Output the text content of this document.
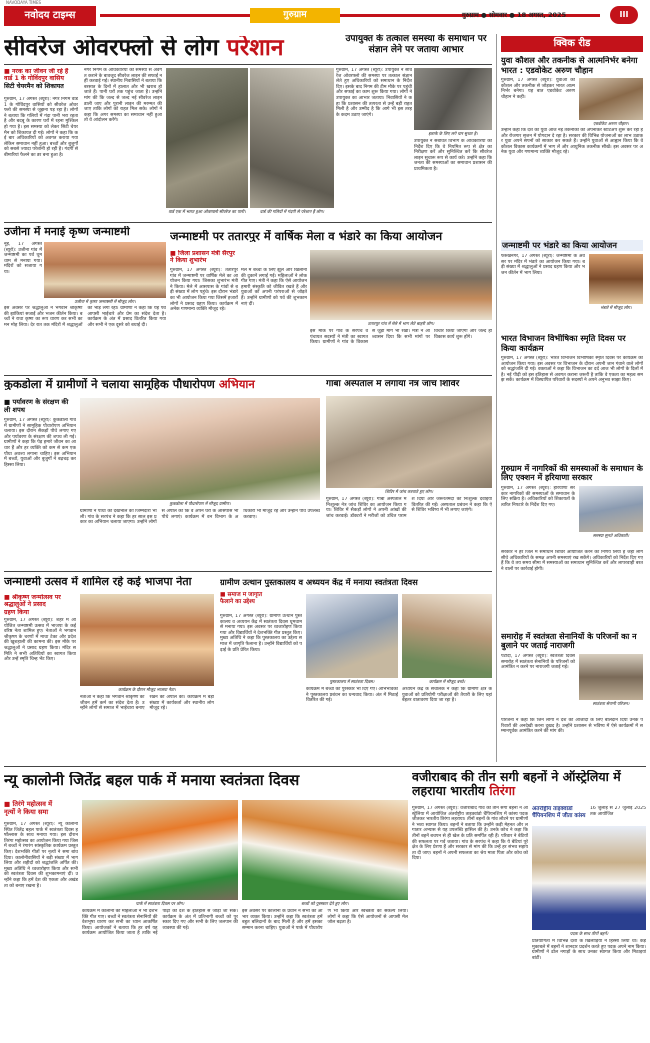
नवोदय टाइम्स
NAVODAYA TIMES
गुरुग्राम	गुरुग्राम ● सोमवार ● 18 अगस्त, 2025	III
सीवरेज ओवरफ्लो से लोग परेशान	उपायुक्त के तत्काल समस्या के समाधान पर संज्ञान लेने पर जताया आभार
■ नरक का जीवन जी रहे हैं वार्ड 1 के गोविंदपुर वासिय
सिटी चेयरमैन को शिकायत
गुरुग्राम, 17 अगस्त (ब्यूरो): नगर निगम वार्ड 1 के गोविंदपुर वासियों को सीवरेज ओवरफ्लो की समस्या से जूझना पड़ रहा है। लोगों ने बताया कि गलियों में गंदा पानी भरा रहता है और बदबू के कारण घरों में रहना मुश्किल हो गया है। इस समस्या को लेकर सिटी चेयरमैन को शिकायत दी गई। लोगों ने कहा कि कई बार अधिकारियों को अवगत कराया गया लेकिन समाधान नहीं हुआ। बच्चों और बुजुर्गों को सबसे ज्यादा परेशानी हो रही है। गंदगी से बीमारियां फैलने का डर बना हुआ है।
नगर निगम के अधिकारियों को समस्या से अवगत कराने के बावजूद सीवरेज लाइन की सफाई नहीं करवाई गई। स्थानीय निवासियों ने बताया कि बरसात के दिनों में हालात और भी खराब हो जाते हैं। पानी घरों तक पहुंच जाता है। उन्होंने मांग की कि जल्द से जल्द नई सीवरेज लाइन डाली जाए और पुरानी लाइन की मरम्मत की जाए ताकि लोगों को राहत मिल सके। लोगों ने कहा कि अगर समस्या का समाधान नहीं हुआ तो वे आंदोलन करेंगे।
वार्ड एक में भारत हुआ ओवरफ्लो सीवरेज का पानी।	वार्ड की गलियों में गंदगी से परेशान हैं लोग।
गुरुग्राम, 17 अगस्त (ब्यूरो): उपायुक्त ने सीवरेज ओवरफ्लो की समस्या पर तत्काल संज्ञान लेते हुए अधिकारियों को समाधान के निर्देश दिए। इसके बाद निगम की टीम मौके पर पहुंची और सफाई का काम शुरू किया गया। लोगों ने उपायुक्त का आभार जताया। निवासियों ने कहा कि प्रशासन की तत्परता से उन्हें बड़ी राहत मिली है और उम्मीद है कि आगे भी इस तरह के कदम उठाए जाएंगे।
इलाके के लिए लगे चार सुधार है।
उपायुक्त ने संबंधित विभाग के अधिकारियों को निर्देश दिए कि वे नियमित रूप से क्षेत्र का निरीक्षण करें और सुनिश्चित करें कि सीवरेज लाइन सुचारू रूप से कार्य करे। उन्होंने कहा कि जनता की समस्याओं का समाधान प्रशासन की प्राथमिकता है।
उजीना में मनाई कृष्ण जन्माष्टमी
नूंह, 17 अगस्त (ब्यूरो): उजीना गांव में जन्माष्टमी का पर्व धूमधाम से मनाया गया। मंदिरों को सजाया गया।
उजीना में कृष्ण जन्माष्टमी में मौजूद लोग।
इस अवसर पर श्रद्धालुओं ने भगवान श्रीकृष्ण की झांकियां सजाईं और भजन कीर्तन किया। बच्चों ने राधा कृष्ण का रूप धारण कर सभी का मन मोह लिया। देर रात तक मंदिरों में श्रद्धालुओं की भीड़ लगी रही। ग्रामीणों ने कहा कि यह पर्व आपसी भाईचारे और प्रेम का संदेश देता है। कार्यक्रम के अंत में प्रसाद वितरित किया गया और सभी ने एक दूसरे को बधाई दी।
जन्माष्टमी पर ततारपुर में वार्षिक मेला व भंडारे का किया आयोजन
■ जिला प्रशासन मंत्री सैरपुर ने किया शुभारंभ
गुरुग्राम, 17 अगस्त (ब्यूरो): ततारपुर गांव में जन्माष्टमी पर वार्षिक मेले का आयोजन किया गया। जिसका शुभारंभ मंत्री ने किया। मेले में आसपास के गांवों से बड़ी संख्या में लोग पहुंचे। इस दौरान भंडारे का भी आयोजन किया गया जिसमें हजारों लोगों ने प्रसाद ग्रहण किया। कार्यक्रम में अनेक गणमान्य व्यक्ति मौजूद रहे।
मेले में बच्चों के लिए झूले और खिलौनों की दुकानें लगाई गईं। महिलाओं ने लोकगीत गाए। मंत्री ने कहा कि ऐसे आयोजन हमारी संस्कृति को जीवित रखते हैं और युवाओं को अपनी परंपराओं से जोड़ते हैं। उन्होंने ग्रामीणों को पर्व की शुभकामनाएं दीं।
ततारपुर गांव में मेले में भाग लेते बाहरी लोग।
इस मौके पर गांव के सरपंच व पंचायत सदस्यों ने मंत्री का स्वागत किया। ग्रामीणों ने गांव के विकास से जुड़ी मांगें भी रखीं। मंत्री ने आश्वासन दिया कि सभी मांगों पर विचार किया जाएगा और जल्द ही विकास कार्य शुरू होंगे।
कुकडोला में ग्रामीणों ने चलाया सामूहिक पौधारोपण अभियान
■ पर्यावरण के संरक्षण की ली शपथ
गुरुग्राम, 17 अगस्त (ब्यूरो): कुकडोला गांव में ग्रामीणों ने सामूहिक पौधारोपण अभियान चलाया। इस दौरान सैकड़ों पौधे लगाए गए और पर्यावरण के संरक्षण की शपथ ली गई। ग्रामीणों ने कहा कि पेड़ हमारे जीवन का आधार हैं और हर व्यक्ति को कम से कम एक पौधा अवश्य लगाना चाहिए। इस अभियान में बच्चों, युवाओं और बुजुर्गों ने बढ़चढ़ कर हिस्सा लिया।
कुकडोला में पौधारोपण में मौजूद ग्रामीण।
ग्रामीणों ने पौधों की देखभाल की जिम्मेदारी भी ली। गांव के सरपंच ने कहा कि हर साल इस प्रकार का अभियान चलाया जाएगा। उन्होंने लोगों से अपील की कि वे अपने घरों के आसपास भी पौधे लगाएं। कार्यक्रम में वन विभाग के अधिकारी भी मौजूद रहे और उन्होंने पौधे उपलब्ध करवाए।
गाबा अस्पताल में लगाया नेत्र जांच शिविर
शिविर में जांच करवाते हुए लोग।
गुरुग्राम, 17 अगस्त (ब्यूरो): गाबा अस्पताल में निःशुल्क नेत्र जांच शिविर का आयोजन किया गया। शिविर में सैकड़ों लोगों ने अपनी आंखों की जांच करवाई। डॉक्टरों ने मरीजों को उचित परामर्श दिया और जरूरतमंदों को निःशुल्क दवाइयां वितरित की गईं। अस्पताल प्रबंधन ने कहा कि ऐसे शिविर भविष्य में भी लगाए जाएंगे।
जन्माष्टमी उत्सव में शामिल रहे कई भाजपा नेता
■ श्रीकृष्ण जन्मोत्सव पर श्रद्धालुओं ने प्रसाद
ग्रहण किया
गुरुग्राम, 17 अगस्त (ब्यूरो): शहर में आयोजित जन्माष्टमी उत्सव में भाजपा के कई वरिष्ठ नेता शामिल हुए। नेताओं ने भगवान श्रीकृष्ण के चरणों में माथा टेका और प्रदेश की खुशहाली की कामना की। इस मौके पर श्रद्धालुओं ने प्रसाद ग्रहण किया। मंदिर समिति ने सभी अतिथियों का स्वागत किया और उन्हें स्मृति चिन्ह भेंट किए।
कार्यक्रम के दौरान मौजूद भाजपा नेता।
नेताओं ने कहा कि भगवान श्रीकृष्ण का जीवन हमें कर्म का संदेश देता है। उन्होंने लोगों से समाज में भाईचारा बनाए रखने की अपील की। कार्यक्रम में बड़ी संख्या में कार्यकर्ता और स्थानीय लोग मौजूद रहे।
ग्रामीण उत्थान पुस्तकालय व अध्ययन केंद्र में मनाया स्वतंत्रता दिवस
■ समाज में जागृति
फैलाने का उद्देश्य
गुरुग्राम, 17 अगस्त (ब्यूरो): ग्रामीण उत्थान पुस्तकालय व अध्ययन केंद्र में स्वतंत्रता दिवस धूमधाम से मनाया गया। इस अवसर पर ध्वजारोहण किया गया और विद्यार्थियों ने देशभक्ति गीत प्रस्तुत किए। मुख्य अतिथि ने कहा कि पुस्तकालय का उद्देश्य समाज में जागृति फैलाना है। उन्होंने विद्यार्थियों को पढ़ाई के प्रति प्रेरित किया।
पुस्तकालय में स्वतंत्रता दिवस।
कार्यक्रम में बच्चों को पुरस्कार भी दिए गए। अभिभावकों ने पुस्तकालय प्रबंधन का धन्यवाद किया। अंत में मिठाई वितरित की गई।
कार्यक्रम में मौजूद बच्चे।
अध्ययन केंद्र के संचालक ने कहा कि ग्रामीण क्षेत्र के युवाओं को प्रतियोगी परीक्षाओं की तैयारी के लिए यहां बेहतर वातावरण दिया जा रहा है।
न्यू कालोनी जितेंद्र बहल पार्क में मनाया स्वतंत्रता दिवस
■ तिरंगे महोत्सव में
नृत्यों ने किया समा
गुरुग्राम, 17 अगस्त (ब्यूरो): न्यू कालोनी स्थित जितेंद्र बहल पार्क में स्वतंत्रता दिवस हर्षोल्लास के साथ मनाया गया। इस दौरान तिरंगा महोत्सव का आयोजन किया गया जिसमें बच्चों ने रंगारंग सांस्कृतिक कार्यक्रम प्रस्तुत किए। देशभक्ति गीतों पर नृत्यों ने समा बांध दिया। कालोनीवासियों ने बड़ी संख्या में भाग लिया और शहीदों को श्रद्धांजलि अर्पित की। मुख्य अतिथि ने ध्वजारोहण किया और सभी को स्वतंत्रता दिवस की शुभकामनाएं दीं। उन्होंने कहा कि हमें देश की एकता और अखंडता को बनाए रखना है।
पार्क में स्वतंत्रता दिवस पर लोग।
कार्यक्रम में कालोनी की महिलाओं ने भी देशभक्ति गीत गाए। बच्चों ने स्वतंत्रता सेनानियों की वेशभूषा धारण कर सभी का ध्यान आकर्षित किया। आयोजकों ने बताया कि हर वर्ष यह कार्यक्रम आयोजित किया जाता है ताकि नई पीढ़ी को देश के इतिहास से जोड़ा जा सके। कार्यक्रम के अंत में प्रतिभागी बच्चों को पुरस्कार दिए गए और सभी के लिए जलपान की व्यवस्था की गई।
बच्चों को पुरस्कार देते हुए लोग।
इस अवसर पर कालोनी के प्रधान ने सभी का आभार व्यक्त किया। उन्होंने कहा कि स्वतंत्रता हमें बहुत बलिदानों के बाद मिली है और हमें इसका सम्मान करना चाहिए। युवाओं ने पार्क में पौधारोपण भी किया और स्वच्छता का संकल्प लिया। लोगों ने कहा कि ऐसे आयोजनों से आपसी मेलजोल बढ़ता है।
वजीराबाद की तीन सगी बहनों ने ऑस्ट्रेलिया में लहराया भारतीय तिरंगा
गुरुग्राम, 17 अगस्त (ब्यूरो): वजीराबाद गांव की तीन सगी बहनों ने ऑस्ट्रेलिया में आयोजित अंतर्राष्ट्रीय ताइक्वांडो चैंपियनशिप में कांस्य पदक जीतकर भारतीय तिरंगा लहराया। तीनों बहनों के गांव लौटने पर ग्रामीणों ने भव्य स्वागत किया। बहनों ने बताया कि उन्होंने कड़ी मेहनत और लगातार अभ्यास से यह उपलब्धि हासिल की है। उनके कोच ने कहा कि तीनों बहनें बचपन से ही खेल के प्रति समर्पित रही हैं। परिवार ने बेटियों की सफलता पर गर्व जताया। गांव के सरपंच ने कहा कि ये बेटियां पूरे क्षेत्र के लिए प्रेरणा हैं और सरकार से मांग की कि उन्हें हर संभव सहायता दी जाए। बहनों ने अपनी सफलता का श्रेय माता पिता और कोच को दिया।
अंतर्राष्ट्रीय ताइक्वांडो
चैंपियनशिप में जीता कांस्य
16 जुलाई से 27 जुलाई 2025 तक आयोजित
पदक के साथ तीनों बहनें।
प्रतियोगिता में विभिन्न देशों के खिलाड़ियों ने हिस्सा लिया था। कड़े मुकाबले में बहनों ने शानदार प्रदर्शन करते हुए पदक अपने नाम किया। ग्रामीणों ने ढोल नगाड़ों के साथ उनका स्वागत किया और मिठाइयां बांटीं।
क्विक रीड
युवा कौशल और तकनीक से आत्मनिर्भर बनेगा भारत : एडवोकेट अरुण चौहान
गुरुग्राम, 17 अगस्त (ब्यूरो): युवाओं को कौशल और तकनीक से जोड़कर भारत आत्मनिर्भर बनेगा। यह बात एडवोकेट अरुण चौहान ने कही।
एडवोकेट अरुण चौहान।
उन्होंने कहा कि देश का युवा आज नई तकनीकों को अपनाकर स्टार्टअप शुरू कर रहा है और रोजगार सृजन में योगदान दे रहा है। सरकार की विभिन्न योजनाओं का लाभ उठाकर युवा अपने सपनों को साकार कर सकते हैं। उन्होंने युवाओं से आह्वान किया कि वे कौशल विकास कार्यक्रमों में भाग लें और आधुनिक तकनीक सीखें। इस अवसर पर अनेक युवा और गणमान्य व्यक्ति मौजूद रहे।
जन्माष्टमी पर भंडारे का किया आयोजन
फर्रुखनगर, 17 अगस्त (ब्यूरो): जन्माष्टमी के अवसर पर मंदिर में भंडारे का आयोजन किया गया। बड़ी संख्या में श्रद्धालुओं ने प्रसाद ग्रहण किया और भजन कीर्तन में भाग लिया।
भंडारे में मौजूद लोग।
भारत विभाजन विभीषिका स्मृति दिवस पर किया कार्यक्रम
गुरुग्राम, 17 अगस्त (ब्यूरो): भारत विभाजन विभीषिका स्मृति दिवस पर कार्यक्रम का आयोजन किया गया। इस अवसर पर विभाजन के दौरान अपनी जान गंवाने वाले लोगों को श्रद्धांजलि दी गई। वक्ताओं ने कहा कि विभाजन का दर्द आज भी लोगों के दिलों में है। नई पीढ़ी को इस इतिहास से अवगत कराना जरूरी है ताकि वे एकता का महत्व समझ सकें। कार्यक्रम में विस्थापित परिवारों के सदस्यों ने अपने अनुभव साझा किए।
गुरुग्राम में नागरिकों की समस्याओं के समाधान के लिए एक्शन में हरियाणा सरकार
गुरुग्राम, 17 अगस्त (ब्यूरो): हरियाणा सरकार नागरिकों की समस्याओं के समाधान के लिए सक्रिय है। अधिकारियों को शिकायतों के त्वरित निपटारे के निर्देश दिए गए।
समस्या सुनते अधिकारी।
सरकार ने हर जिले में समाधान शिविर आयोजित करने का निर्णय लिया है जहां लोग सीधे अधिकारियों के समक्ष अपनी समस्याएं रख सकेंगे। अधिकारियों को निर्देश दिए गए हैं कि वे तय समय सीमा में समस्याओं का समाधान सुनिश्चित करें और लापरवाही बरतने वालों पर कार्रवाई होगी।
समारोह में स्वतंत्रता सेनानियों के परिजनों का न बुलाने पर जताई नाराजगी
पटौदी, 17 अगस्त (ब्यूरो): स्वतंत्रता दिवस समारोह में स्वतंत्रता सेनानियों के परिजनों को आमंत्रित न करने पर नाराजगी जताई गई।
स्वतंत्रता सेनानी परिजन।
परिजनों ने कहा कि जिन लोगों ने देश की आजादी के लिए बलिदान दिया उनके परिवारों की अनदेखी करना दुखद है। उन्होंने प्रशासन से भविष्य में ऐसे कार्यक्रमों में सम्मानपूर्वक आमंत्रित करने की मांग की।
